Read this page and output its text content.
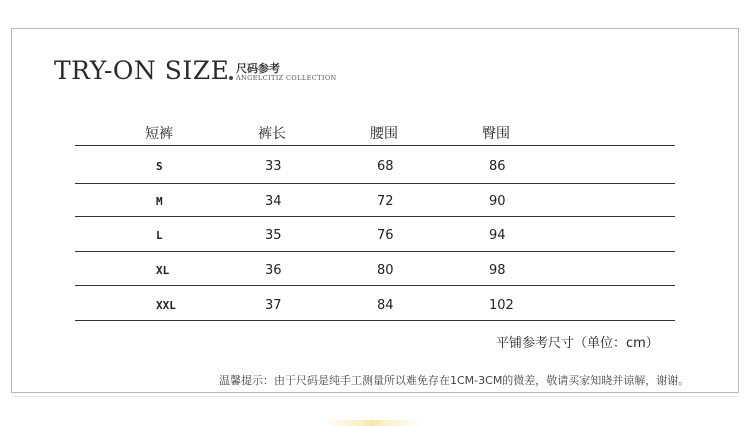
TRY-ON SIZE 尺码参考
ANGELCITIZ COLLECTION
短裤	裤长	腰围	臀围
S	33	68	86
M	34	72	90
L	35	76	94
XL	36	80	98
XXL	37	84	102
平铺参考尺寸（单位：cm）
温馨提示：由于尺码是纯手工测量所以难免存在1CM-3CM的微差，敬请买家知晓并谅解，谢谢。
